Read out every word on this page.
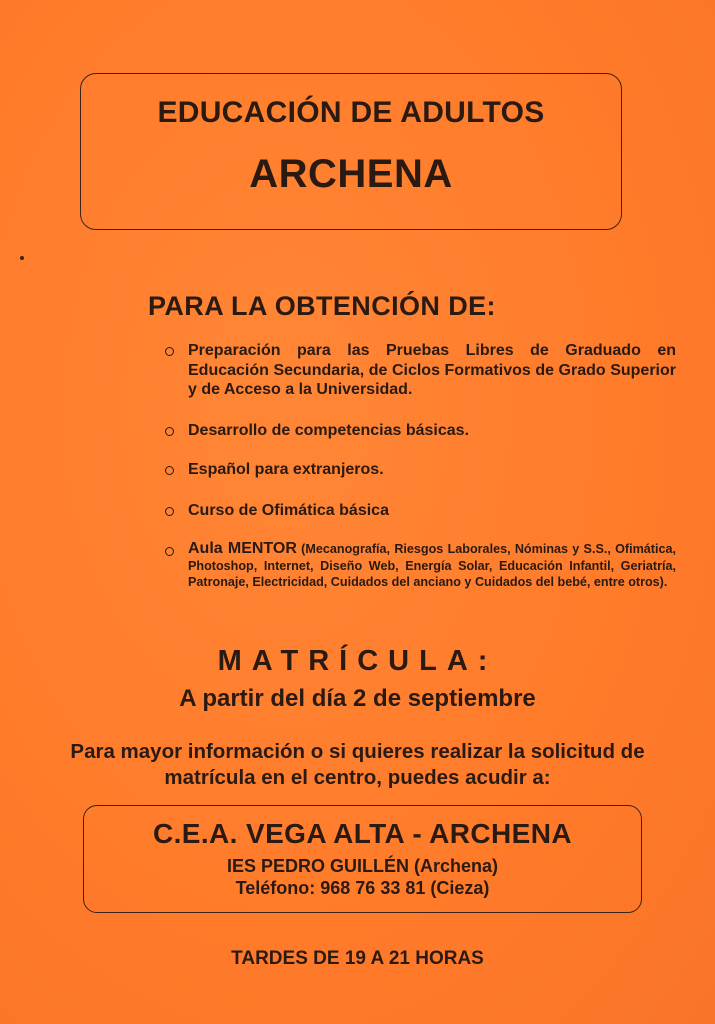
EDUCACIÓN DE ADULTOS
ARCHENA
PARA LA OBTENCIÓN DE:
Preparación para las Pruebas Libres de Graduado en Educación Secundaria, de Ciclos Formativos de Grado Superior y de Acceso a la Universidad.
Desarrollo de competencias básicas.
Español para extranjeros.
Curso de Ofimática básica
Aula MENTOR (Mecanografía, Riesgos Laborales, Nóminas y S.S., Ofimática, Photoshop, Internet, Diseño Web, Energía Solar, Educación Infantil, Geriatría, Patronaje, Electricidad, Cuidados del anciano y Cuidados del bebé, entre otros).
MATRÍCULA:
A partir del día 2 de septiembre
Para mayor información o si quieres realizar la solicitud de matrícula en el centro, puedes acudir a:
C.E.A. VEGA ALTA - ARCHENA
IES PEDRO GUILLÉN (Archena)
Teléfono: 968 76 33 81 (Cieza)
TARDES DE 19 A 21 HORAS
